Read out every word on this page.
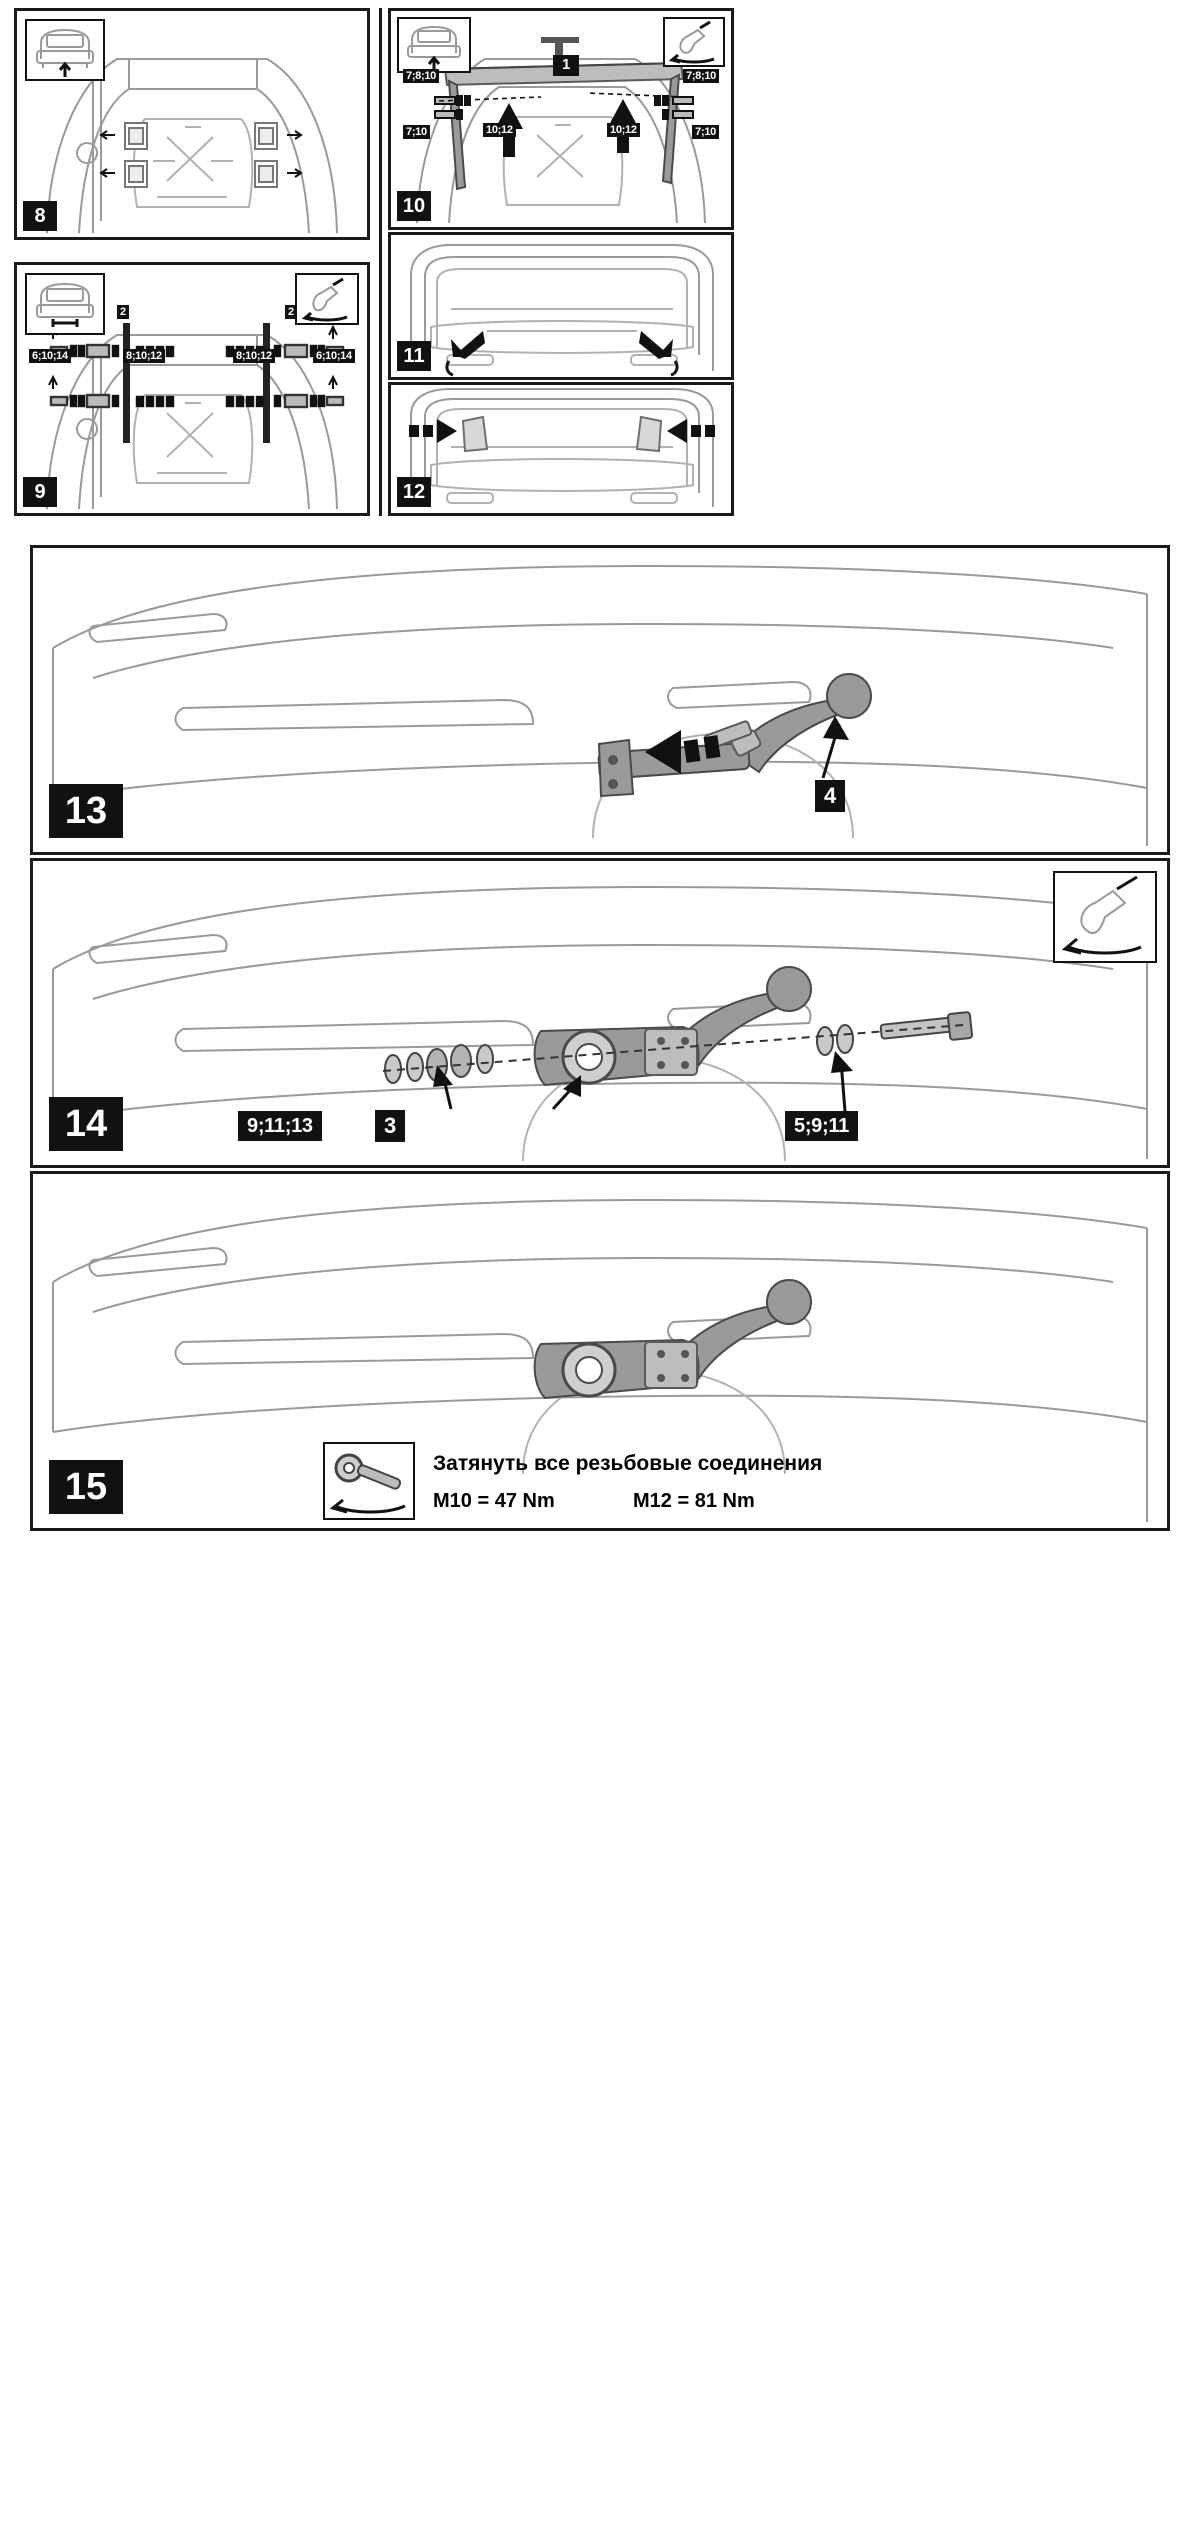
8
9
2	2
6;10;14	8;10;12	8;10;12	6;10;14
10
1
7;8;10	7;8;10
7;10	7;10
10;12	10;12
11
12
13	4
14	9;11;13	3	5;9;11
15
Затянуть все резьбовые соединения
M10 = 47 Nm	M12 = 81 Nm
